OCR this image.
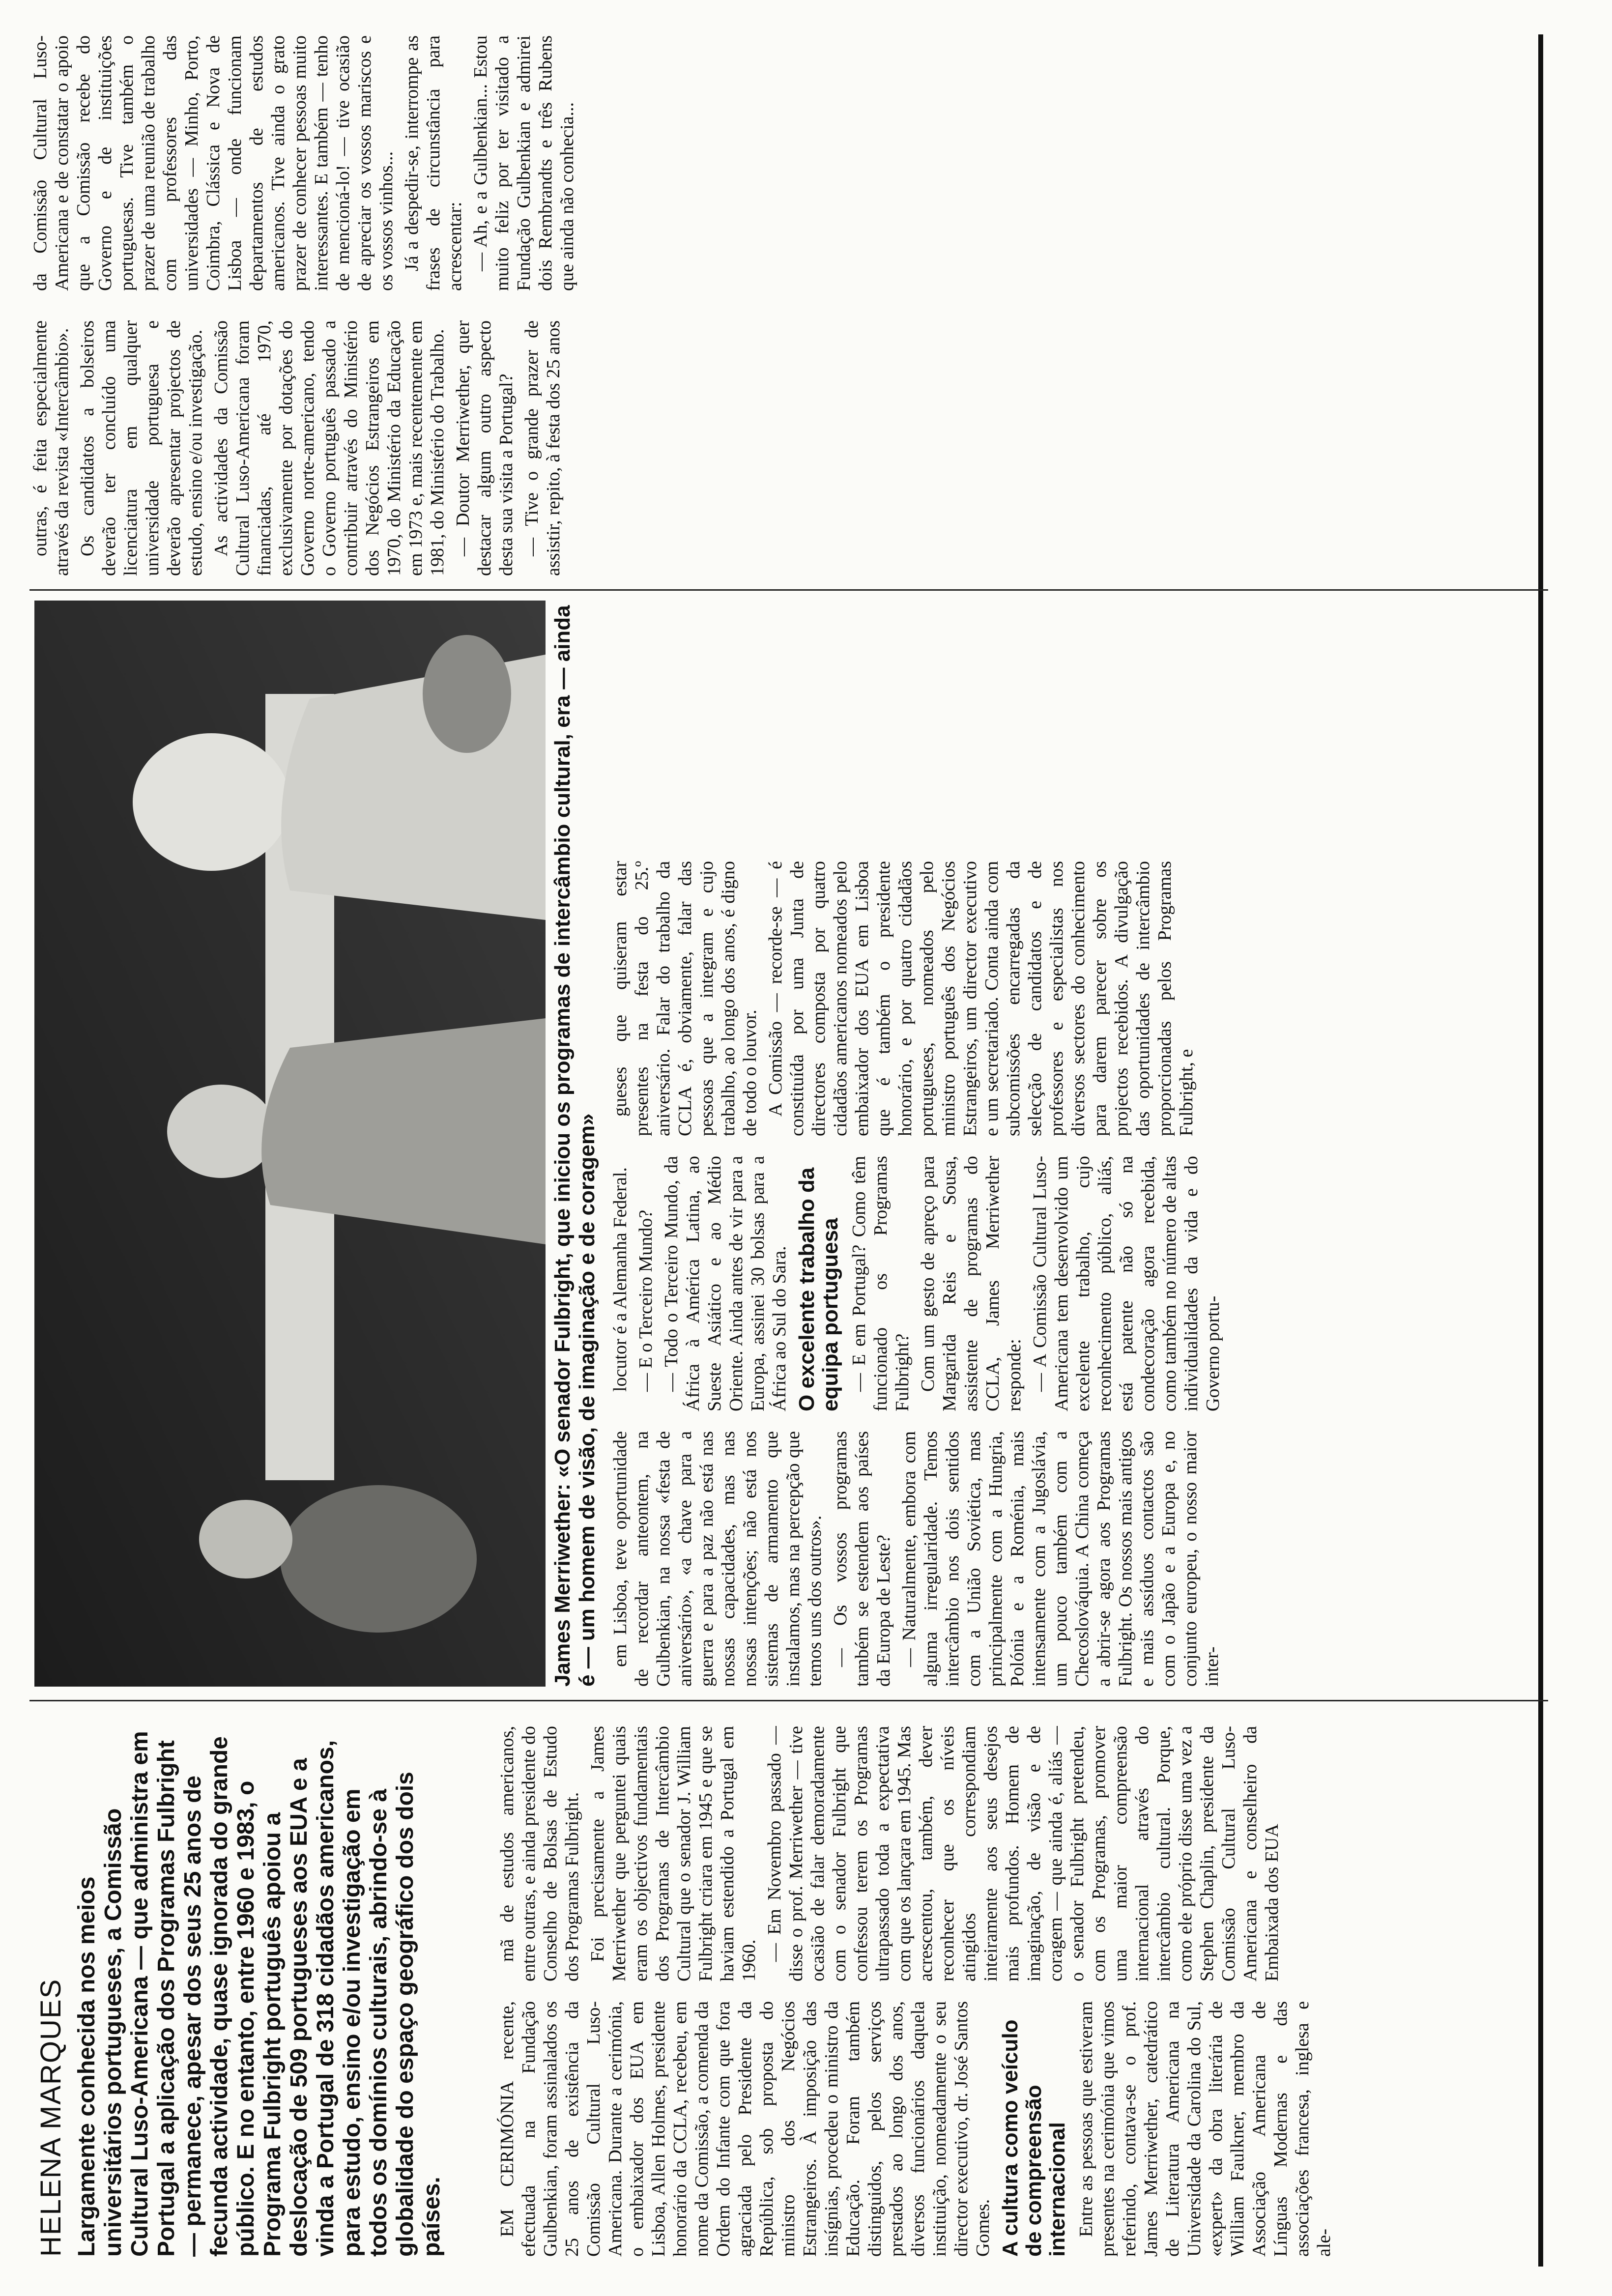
HELENA MARQUES Largamente conhecida nos meios universitários portugueses, a Comissão Cultural Luso-Americana — que administra em Portugal a aplicação dos Programas Fulbright — permanece, apesar dos seus 25 anos de fecunda actividade, quase ignorada do grande público. E no entanto, entre 1960 e 1983, o Programa Fulbright português apoiou a deslocação de 509 portugueses aos EUA e a vinda a Portugal de 318 cidadãos americanos, para estudo, ensino e/ou investigação em todos os domínios culturais, abrindo-se à globalidade do espaço geográfico dos dois países.	EM CERIMÓNIA recente, efectuada na Fundação Gulbenkian, foram assinalados os 25 anos de existência da Comissão Cultural Luso-Americana. Durante a cerimónia, o embaixador dos EUA em Lisboa, Allen Holmes, presidente honorário da CCLA, recebeu, em nome da Comissão, a comenda da Ordem do Infante com que fora agraciada pelo Presidente da República, sob proposta do ministro dos Negócios Estrangeiros. À imposição das insígnias, procedeu o ministro da Educação. Foram também distinguidos, pelos serviços prestados ao longo dos anos, diversos funcionários daquela instituição, nomeadamente o seu director executivo, dr. José Santos Gomes. A cultura como veículo de compreensão internacional Entre as pessoas que estiveram presentes na cerimónia que vimos referindo, contava-se o prof. James Merriwether, catedrático de Literatura Americana na Universidade da Carolina do Sul, «expert» da obra literária de William Faulkner, membro da Associação Americana de Línguas Modernas e das associações francesa, inglesa e ale-

mã de estudos americanos, entre outras, e ainda presidente do Conselho de Bolsas de Estudo dos Programas Fulbright. Foi precisamente a James Merriwether que perguntei quais eram os objectivos fundamentais dos Programas de Intercâmbio Cultural que o senador J. William Fulbright criara em 1945 e que se haviam estendido a Portugal em 1960. — Em Novembro passado — disse o prof. Merriwether — tive ocasião de falar demoradamente com o senador Fulbright que confessou terem os Programas ultrapassado toda a expectativa com que os lançara em 1945. Mas acrescentou, também, dever reconhecer que os níveis atingidos correspondiam inteiramente aos seus desejos mais profundos. Homem de imaginação, de visão e de coragem — que ainda é, aliás — o senador Fulbright pretendeu, com os Programas, promover uma maior compreensão internacional através do intercâmbio cultural. Porque, como ele próprio disse uma vez a Stephen Chaplin, presidente da Comissão Cultural Luso-Americana e conselheiro da Embaixada dos EUA

James Merriwether: «O senador Fulbright, que iniciou os programas de intercâmbio cultural, era — ainda é — um homem de visão, de imaginação e de coragem» em Lisboa, teve oportunidade de recordar anteontem, na Gulbenkian, na nossa «festa de aniversário», «a chave para a guerra e para a paz não está nas nossas capacidades, mas nas nossas intenções; não está nos sistemas de armamento que instalamos, mas na percepção que temos uns dos outros». — Os vossos programas também se estendem aos países da Europa de Leste? — Naturalmente, embora com alguma irregularidade. Temos intercâmbio nos dois sentidos com a União Soviética, mas principalmente com a Hungria, Polónia e a Roménia, mais intensamente com a Jugoslávia, um pouco também com a Checoslováquia. A China começa a abrir-se agora aos Programas Fulbright. Os nossos mais antigos e mais assíduos contactos são com o Japão e a Europa e, no conjunto europeu, o nosso maior inter-

locutor é a Alemanha Federal. — E o Terceiro Mundo? — Todo o Terceiro Mundo, da África à América Latina, ao Sueste Asiático e ao Médio Oriente. Ainda antes de vir para a Europa, assinei 30 bolsas para a África ao Sul do Sara. O excelente trabalho da equipa portuguesa — E em Portugal? Como têm funcionado os Programas Fulbright? Com um gesto de apreço para Margarida Reis e Sousa, assistente de programas do CCLA, James Merriwether responde: — A Comissão Cultural Luso-Americana tem desenvolvido um excelente trabalho, cujo reconhecimento público, aliás, está patente não só na condecoração agora recebida, como também no número de altas individualidades da vida e do Governo portu-

gueses que quiseram estar presentes na festa do 25.º aniversário. Falar do trabalho da CCLA é, obviamente, falar das pessoas que a integram e cujo trabalho, ao longo dos anos, é digno de todo o louvor. A Comissão — recorde-se — é constituída por uma Junta de directores composta por quatro cidadãos americanos nomeados pelo embaixador dos EUA em Lisboa que é também o presidente honorário, e por quatro cidadãos portugueses, nomeados pelo ministro português dos Negócios Estrangeiros, um director executivo e um secretariado. Conta ainda com subcomissões encarregadas da selecção de candidatos e de professores e especialistas nos diversos sectores do conhecimento para darem parecer sobre os projectos recebidos. A divulgação das oportunidades de intercâmbio proporcionadas pelos Programas Fulbright, e

outras, é feita especialmente através da revista «Intercâmbio». Os candidatos a bolseiros deverão ter concluído uma licenciatura em qualquer universidade portuguesa e deverão apresentar projectos de estudo, ensino e/ou investigação. As actividades da Comissão Cultural Luso-Americana foram financiadas, até 1970, exclusivamente por dotações do Governo norte-americano, tendo o Governo português passado a contribuir através do Ministério dos Negócios Estrangeiros em 1970, do Ministério da Educação em 1973 e, mais recentemente em 1981, do Ministério do Trabalho. — Doutor Merriwether, quer destacar algum outro aspecto desta sua visita a Portugal? — Tive o grande prazer de assistir, repito, à festa dos 25 anos da Comissão Cultural Luso-Americana e de constatar o apoio que a Comissão recebe do Governo e de instituições portuguesas. Tive também o prazer de uma reunião de trabalho com professores das universidades — Minho, Porto, Coimbra, Clássica e Nova de Lisboa — onde funcionam departamentos de estudos americanos. Tive ainda o grato prazer de conhecer pessoas muito interessantes. E também — tenho de mencioná-lo! — tive ocasião de apreciar os vossos mariscos e os vossos vinhos... Já a despedir-se, interrompe as frases de circunstância para acrescentar: — Ah, e a Gulbenkian... Estou muito feliz por ter visitado a Fundação Gulbenkian e admirei dois Rembrandts e três Rubens que ainda não conhecia...
